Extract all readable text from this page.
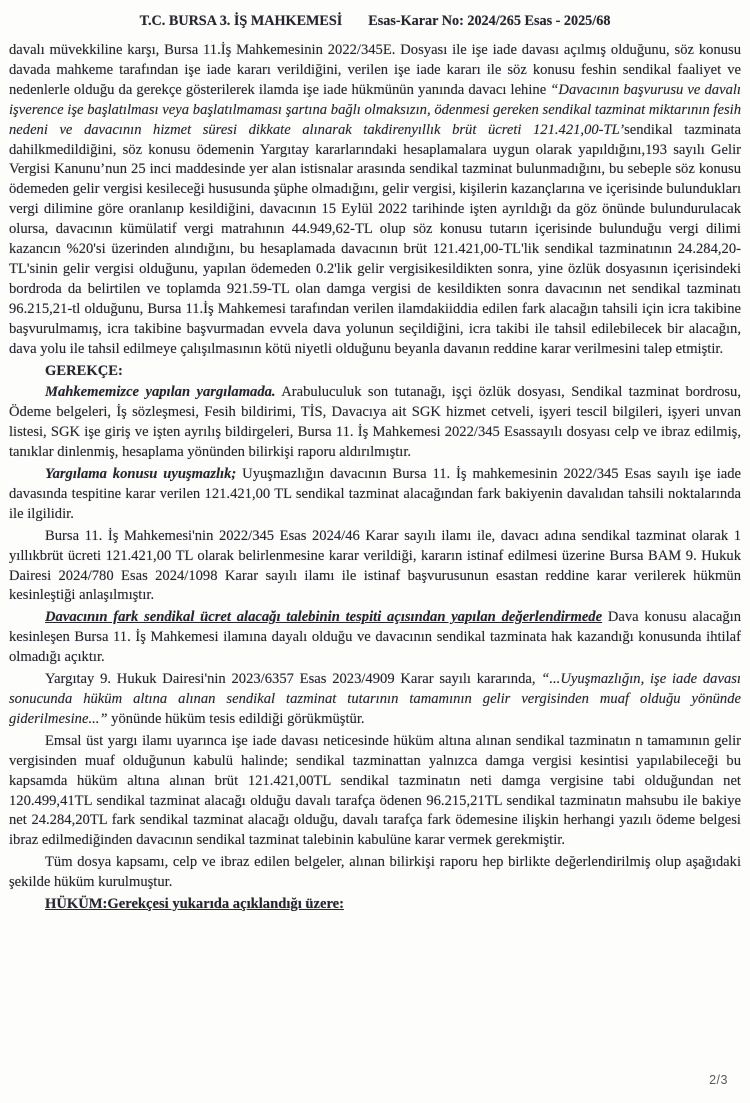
T.C. BURSA 3. İŞ MAHKEMESİ Esas-Karar No: 2024/265 Esas - 2025/68

davalı müvekkiline karşı, Bursa 11.İş Mahkemesinin 2022/345E. Dosyası ile işe iade davası açılmış olduğunu, söz konusu davada mahkeme tarafından işe iade kararı verildiğini, verilen işe iade kararı ile söz konusu feshin sendikal faaliyet ve nedenlerle olduğu da gerekçe gösterilerek ilamda işe iade hükmünün yanında davacı lehine “Davacının başvurusu ve davalı işverence işe başlatılması veya başlatılmaması şartına bağlı olmaksızın, ödenmesi gereken sendikal tazminat miktarının fesih nedeni ve davacının hizmet süresi dikkate alınarak takdirenyıllık brüt ücreti 121.421,00-TL’sendikal tazminata dahilkmedildiğini, söz konusu ödemenin Yargıtay kararlarındaki hesaplamalara uygun olarak yapıldığını,193 sayılı Gelir Vergisi Kanunu’nun 25 inci maddesinde yer alan istisnalar arasında sendikal tazminat bulunmadığını, bu sebeple söz konusu ödemeden gelir vergisi kesileceği hususunda şüphe olmadığını, gelir vergisi, kişilerin kazançlarına ve içerisinde bulundukları vergi dilimine göre oranlanıp kesildiğini, davacının 15 Eylül 2022 tarihinde işten ayrıldığı da göz önünde bulundurulacak olursa, davacının kümülatif vergi matrahının 44.949,62-TL olup söz konusu tutarın içerisinde bulunduğu vergi dilimi kazancın %20'si üzerinden alındığını, bu hesaplamada davacının brüt 121.421,00-TL'lik sendikal tazminatının 24.284,20-TL'sinin gelir vergisi olduğunu, yapılan ödemeden 0.2'lik gelir vergisikesildikten sonra, yine özlük dosyasının içerisindeki bordroda da belirtilen ve toplamda 921.59-TL olan damga vergisi de kesildikten sonra davacının net sendikal tazminatı 96.215,21-tl olduğunu, Bursa 11.İş Mahkemesi tarafından verilen ilamdakiiddia edilen fark alacağın tahsili için icra takibine başvurulmamış, icra takibine başvurmadan evvela dava yolunun seçildiğini, icra takibi ile tahsil edilebilecek bir alacağın, dava yolu ile tahsil edilmeye çalışılmasının kötü niyetli olduğunu beyanla davanın reddine karar verilmesini talep etmiştir.

GEREKÇE:

Mahkememizce yapılan yargılamada. Arabuluculuk son tutanağı, işçi özlük dosyası, Sendikal tazminat bordrosu, Ödeme belgeleri, İş sözleşmesi, Fesih bildirimi, TİS, Davacıya ait SGK hizmet cetveli, işyeri tescil bilgileri, işyeri unvan listesi, SGK işe giriş ve işten ayrılış bildirgeleri, Bursa 11. İş Mahkemesi 2022/345 Esassayılı dosyası celp ve ibraz edilmiş, tanıklar dinlenmiş, hesaplama yönünden bilirkişi raporu aldırılmıştır.

Yargılama konusu uyuşmazlık; Uyuşmazlığın davacının Bursa 11. İş mahkemesinin 2022/345 Esas sayılı işe iade davasında tespitine karar verilen 121.421,00 TL sendikal tazminat alacağından fark bakiyenin davalıdan tahsili noktalarında ile ilgilidir.

Bursa 11. İş Mahkemesi'nin 2022/345 Esas 2024/46 Karar sayılı ilamı ile, davacı adına sendikal tazminat olarak 1 yıllıkbrüt ücreti 121.421,00 TL olarak belirlenmesine karar verildiği, kararın istinaf edilmesi üzerine Bursa BAM 9. Hukuk Dairesi 2024/780 Esas 2024/1098 Karar sayılı ilamı ile istinaf başvurusunun esastan reddine karar verilerek hükmün kesinleştiği anlaşılmıştır.

Davacının fark sendikal ücret alacağı talebinin tespiti açısından yapılan değerlendirmede Dava konusu alacağın kesinleşen Bursa 11. İş Mahkemesi ilamına dayalı olduğu ve davacının sendikal tazminata hak kazandığı konusunda ihtilaf olmadığı açıktır.

Yargıtay 9. Hukuk Dairesi'nin 2023/6357 Esas 2023/4909 Karar sayılı kararında, “...Uyuşmazlığın, işe iade davası sonucunda hüküm altına alınan sendikal tazminat tutarının tamamının gelir vergisinden muaf olduğu yönünde giderilmesine...” yönünde hüküm tesis edildiği görükmüştür.

Emsal üst yargı ilamı uyarınca işe iade davası neticesinde hüküm altına alınan sendikal tazminatın n tamamının gelir vergisinden muaf olduğunun kabulü halinde; sendikal tazminattan yalnızca damga vergisi kesintisi yapılabileceği bu kapsamda hüküm altına alınan brüt 121.421,00TL sendikal tazminatın neti damga vergisine tabi olduğundan net 120.499,41TL sendikal tazminat alacağı olduğu davalı tarafça ödenen 96.215,21TL sendikal tazminatın mahsubu ile bakiye net 24.284,20TL fark sendikal tazminat alacağı olduğu, davalı tarafça fark ödemesine ilişkin herhangi yazılı ödeme belgesi ibraz edilmediğinden davacının sendikal tazminat talebinin kabulüne karar vermek gerekmiştir.

Tüm dosya kapsamı, celp ve ibraz edilen belgeler, alınan bilirkişi raporu hep birlikte değerlendirilmiş olup aşağıdaki şekilde hüküm kurulmuştur.

HÜKÜM:Gerekçesi yukarıda açıklandığı üzere:

2/3
